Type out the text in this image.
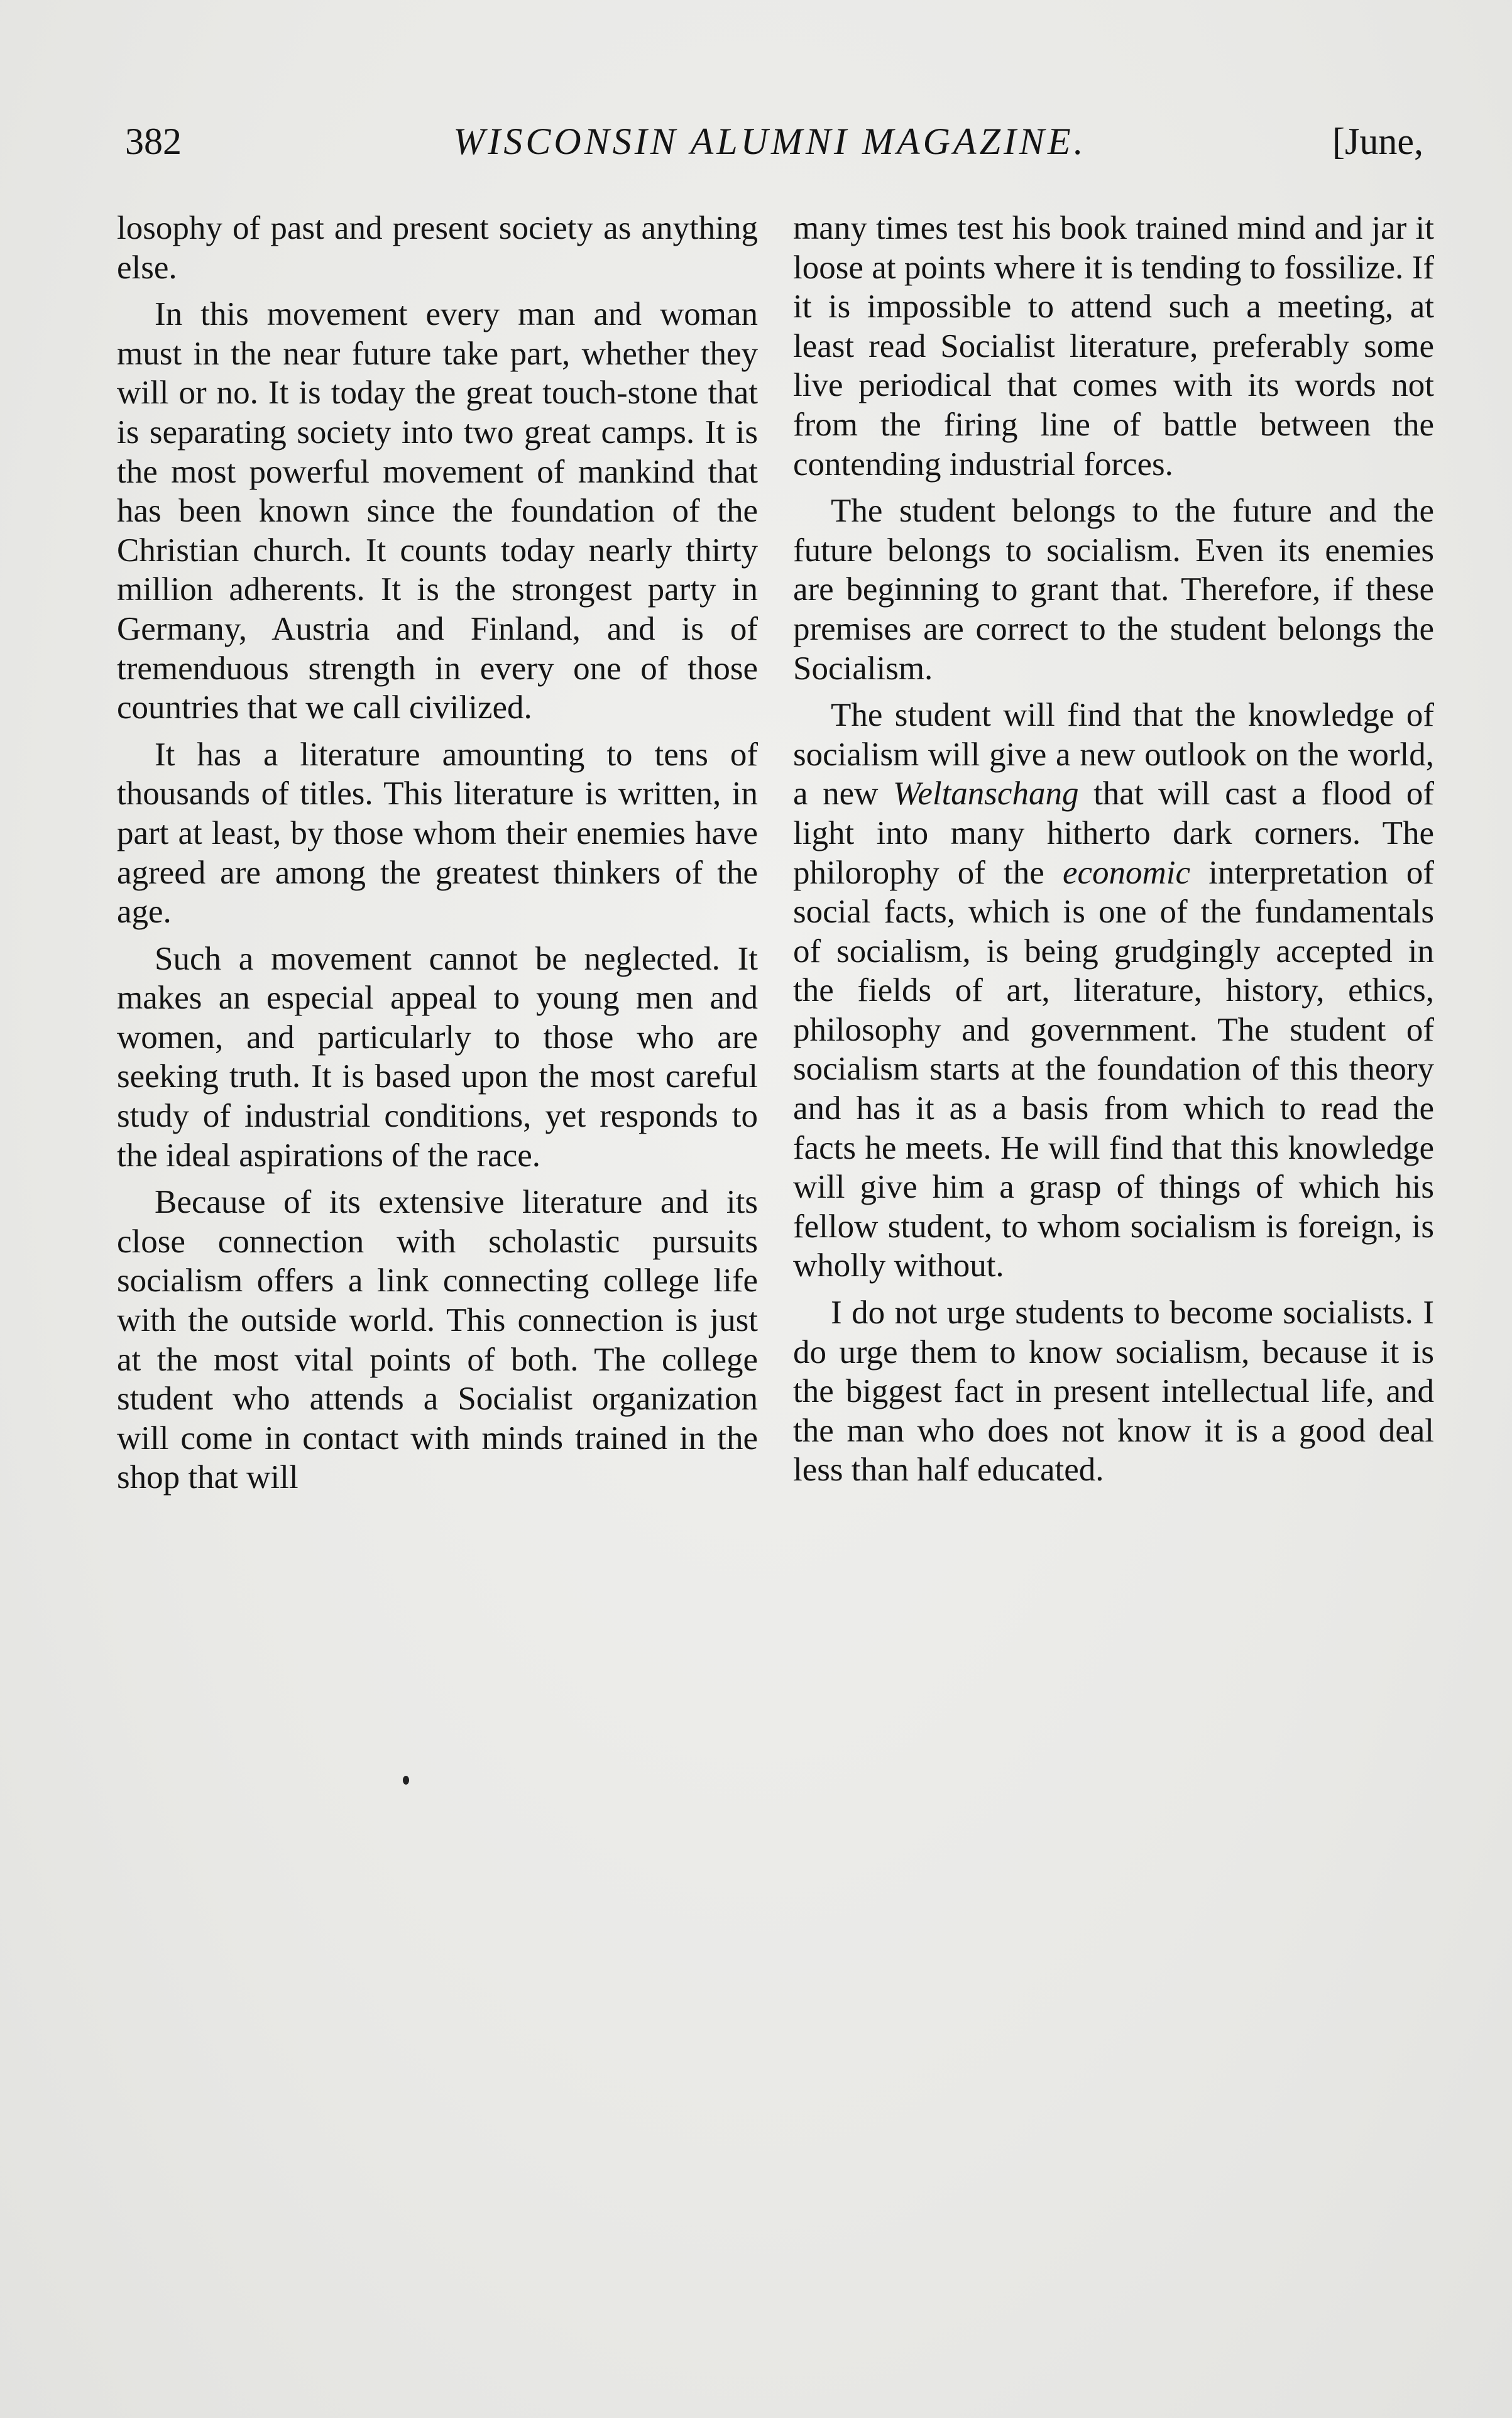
382	WISCONSIN ALUMNI MAGAZINE.	[June,

losophy of past and present society as anything else.

In this movement every man and woman must in the near future take part, whether they will or no. It is today the great touch-stone that is separating society into two great camps. It is the most powerful movement of mankind that has been known since the foundation of the Christian church. It counts today nearly thirty million adherents. It is the strongest party in Germany, Austria and Finland, and is of tremenduous strength in every one of those countries that we call civilized.

It has a literature amounting to tens of thousands of titles. This literature is written, in part at least, by those whom their enemies have agreed are among the greatest thinkers of the age.

Such a movement cannot be neglected. It makes an especial appeal to young men and women, and particularly to those who are seeking truth. It is based upon the most careful study of industrial conditions, yet responds to the ideal aspirations of the race.

Because of its extensive literature and its close connection with scholastic pursuits socialism offers a link connecting college life with the outside world. This connection is just at the most vital points of both. The college student who attends a Socialist organization will come in contact with minds trained in the shop that will

many times test his book trained mind and jar it loose at points where it is tending to fossilize. If it is impossible to attend such a meeting, at least read Socialist literature, preferably some live periodical that comes with its words not from the firing line of battle between the contending industrial forces.

The student belongs to the future and the future belongs to socialism. Even its enemies are beginning to grant that. Therefore, if these premises are correct to the student belongs the Socialism.

The student will find that the knowledge of socialism will give a new outlook on the world, a new Weltanschang that will cast a flood of light into many hitherto dark corners. The philorophy of the economic interpretation of social facts, which is one of the fundamentals of socialism, is being grudgingly accepted in the fields of art, literature, history, ethics, philosophy and government. The student of socialism starts at the foundation of this theory and has it as a basis from which to read the facts he meets. He will find that this knowledge will give him a grasp of things of which his fellow student, to whom socialism is foreign, is wholly without.

I do not urge students to become socialists. I do urge them to know socialism, because it is the biggest fact in present intellectual life, and the man who does not know it is a good deal less than half educated.
